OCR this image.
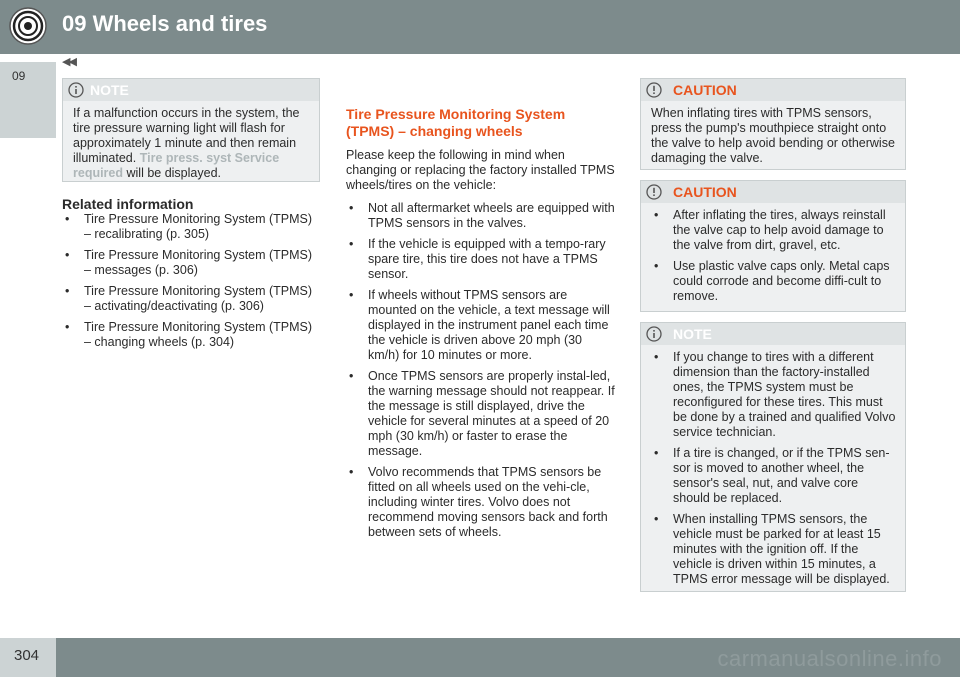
09 Wheels and tires
09
◀◀
NOTE
If a malfunction occurs in the system, the tire pressure warning light will flash for approximately 1 minute and then remain illuminated. Tire press. syst Service required will be displayed.
Related information
• Tire Pressure Monitoring System (TPMS) – recalibrating (p. 305)
• Tire Pressure Monitoring System (TPMS) – messages (p. 306)
• Tire Pressure Monitoring System (TPMS) – activating/deactivating (p. 306)
• Tire Pressure Monitoring System (TPMS) – changing wheels (p. 304)
Tire Pressure Monitoring System (TPMS) – changing wheels
Please keep the following in mind when changing or replacing the factory installed TPMS wheels/tires on the vehicle:
• Not all aftermarket wheels are equipped with TPMS sensors in the valves.
• If the vehicle is equipped with a tempo-rary spare tire, this tire does not have a TPMS sensor.
• If wheels without TPMS sensors are mounted on the vehicle, a text message will displayed in the instrument panel each time the vehicle is driven above 20 mph (30 km/h) for 10 minutes or more.
• Once TPMS sensors are properly instal-led, the warning message should not reappear. If the message is still displayed, drive the vehicle for several minutes at a speed of 20 mph (30 km/h) or faster to erase the message.
• Volvo recommends that TPMS sensors be fitted on all wheels used on the vehi-cle, including winter tires. Volvo does not recommend moving sensors back and forth between sets of wheels.
CAUTION
When inflating tires with TPMS sensors, press the pump's mouthpiece straight onto the valve to help avoid bending or otherwise damaging the valve.
CAUTION
• After inflating the tires, always reinstall the valve cap to help avoid damage to the valve from dirt, gravel, etc.
• Use plastic valve caps only. Metal caps could corrode and become diffi-cult to remove.
NOTE
• If you change to tires with a different dimension than the factory-installed ones, the TPMS system must be reconfigured for these tires. This must be done by a trained and qualified Volvo service technician.
• If a tire is changed, or if the TPMS sen-sor is moved to another wheel, the sensor's seal, nut, and valve core should be replaced.
• When installing TPMS sensors, the vehicle must be parked for at least 15 minutes with the ignition off. If the vehicle is driven within 15 minutes, a TPMS error message will be displayed.
304	carmanualsonline.info
